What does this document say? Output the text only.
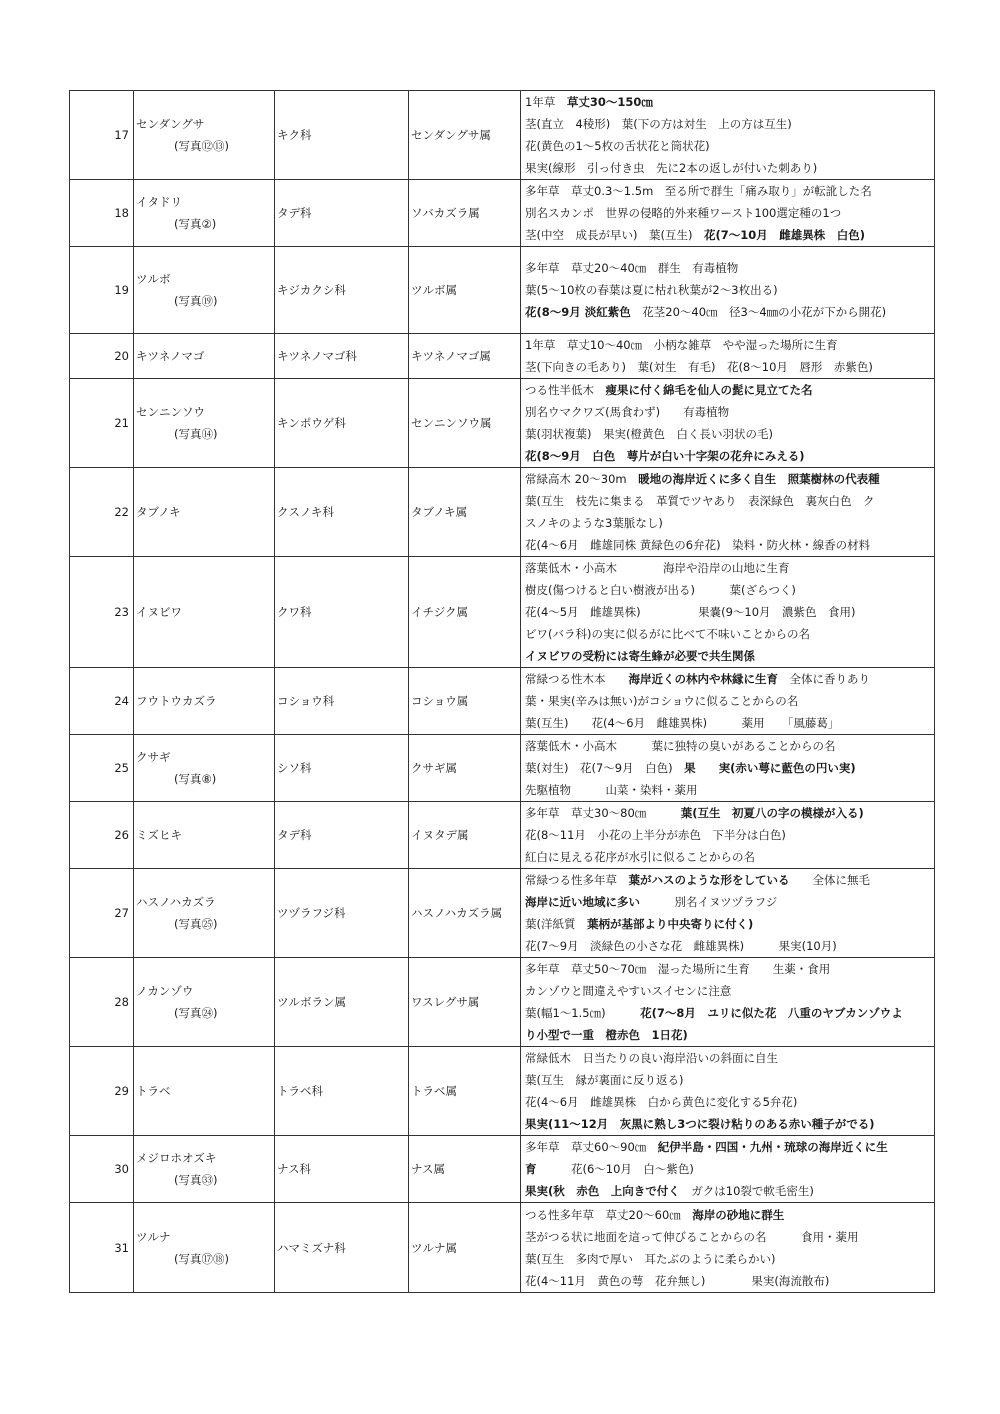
17	センダングサ
(写真⑫⑬)	キク科	センダングサ属	1年草　草丈30～150㎝
茎(直立　4稜形)　葉(下の方は対生　上の方は互生)
花(黄色の1～5枚の舌状花と筒状花)
果実(線形　引っ付き虫　先に2本の返しが付いた刺あり)

18	イタドリ
(写真②)	タデ科	ソバカズラ属	多年草　草丈0.3～1.5m　至る所で群生「痛み取り」が転訛した名
別名スカンポ　世界の侵略的外来種ワースト100選定種の1つ
茎(中空　成長が早い)　葉(互生)　花(7～10月　雌雄異株　白色)

19	ツルボ
(写真⑲)	キジカクシ科	ツルボ属	多年草　草丈20～40㎝　群生　有毒植物
葉(5～10枚の春葉は夏に枯れ秋葉が2～3枚出る)
花(8～9月 淡紅紫色　花茎20～40㎝　径3～4㎜の小花が下から開花)

20	キツネノマゴ	キツネノマゴ科	キツネノマゴ属	1年草　草丈10～40㎝　小柄な雑草　やや湿った場所に生育
茎(下向きの毛あり)　葉(対生　有毛)　花(8～10月　唇形　赤紫色)

21	センニンソウ
(写真⑭)	キンポウゲ科	センニンソウ属	つる性半低木　痩果に付く綿毛を仙人の髭に見立てた名
別名ウマクワズ(馬食わず)　　有毒植物
葉(羽状複葉)　果実(橙黄色　白く長い羽状の毛)
花(8～9月　白色　萼片が白い十字架の花弁にみえる)

22	タブノキ	クスノキ科	タブノキ属	常緑高木 20～30m　暖地の海岸近くに多く自生　照葉樹林の代表種
葉(互生　枝先に集まる　革質でツヤあり　表深緑色　裏灰白色　ク
スノキのような3葉脈なし)
花(4～6月　雌雄同株 黄緑色の6弁花)　染料・防火林・線香の材料

23	イヌビワ	クワ科	イチジク属	落葉低木・小高木　　　　海岸や沿岸の山地に生育
樹皮(傷つけると白い樹液が出る)　　　葉(ざらつく)
花(4～5月　雌雄異株)　　　　　果嚢(9～10月　濃紫色　食用)
ビワ(バラ科)の実に似るがに比べて不味いことからの名
イヌビワの受粉には寄生蜂が必要で共生関係

24	フウトウカズラ	コショウ科	コショウ属	常緑つる性木本　　海岸近くの林内や林縁に生育　全体に香りあり
葉・果実(辛みは無い)がコショウに似ることからの名
葉(互生)　　花(4～6月　雌雄異株)　　　薬用　　「風藤葛」

25	クサギ
(写真⑧)	シソ科	クサギ属	落葉低木・小高木　　　葉に独特の臭いがあることからの名
葉(対生)　花(7～9月　白色)　果　　実(赤い萼に藍色の円い実)
先駆植物　　　山菜・染料・薬用

26	ミズヒキ	タデ科	イヌタデ属	多年草　草丈30～80㎝　　　葉(互生　初夏八の字の模様が入る)
花(8～11月　小花の上半分が赤色　下半分は白色)
紅白に見える花序が水引に似ることからの名

27	ハスノハカズラ
(写真㉕)	ツヅラフジ科	ハスノハカズラ属	常緑つる性多年草　葉がハスのような形をしている　　全体に無毛
海岸に近い地域に多い　　　別名イヌツヅラフジ
葉(洋紙質　葉柄が基部より中央寄りに付く)
花(7～9月　淡緑色の小さな花　雌雄異株)　　　果実(10月)

28	ノカンゾウ
(写真㉔)	ツルボラン属	ワスレグサ属	多年草　草丈50～70㎝　湿った場所に生育　　生薬・食用
カンゾウと間違えやすいスイセンに注意
葉(幅1～1.5㎝)　　　花(7～8月　ユリに似た花　八重のヤブカンゾウよ
り小型で一重　橙赤色　1日花)

29	トラベ	トラベ科	トラベ属	常緑低木　日当たりの良い海岸沿いの斜面に自生
葉(互生　縁が裏面に反り返る)
花(4～6月　雌雄異株　白から黄色に変化する5弁花)
果実(11～12月　灰黒に熟し3つに裂け粘りのある赤い種子がでる)

30	メジロホオズキ
(写真㉝)	ナス科	ナス属	多年草　草丈60～90㎝　紀伊半島・四国・九州・琉球の海岸近くに生
育　　　花(6～10月　白～紫色)
果実(秋　赤色　上向きで付く　ガクは10裂で軟毛密生)

31	ツルナ
(写真⑰⑱)	ハマミズナ科	ツルナ属	つる性多年草　草丈20～60㎝　海岸の砂地に群生
茎がつる状に地面を這って伸びることからの名　　　食用・薬用
葉(互生　多肉で厚い　耳たぶのように柔らかい)
花(4～11月　黄色の萼　花弁無し)　　　　果実(海流散布)
